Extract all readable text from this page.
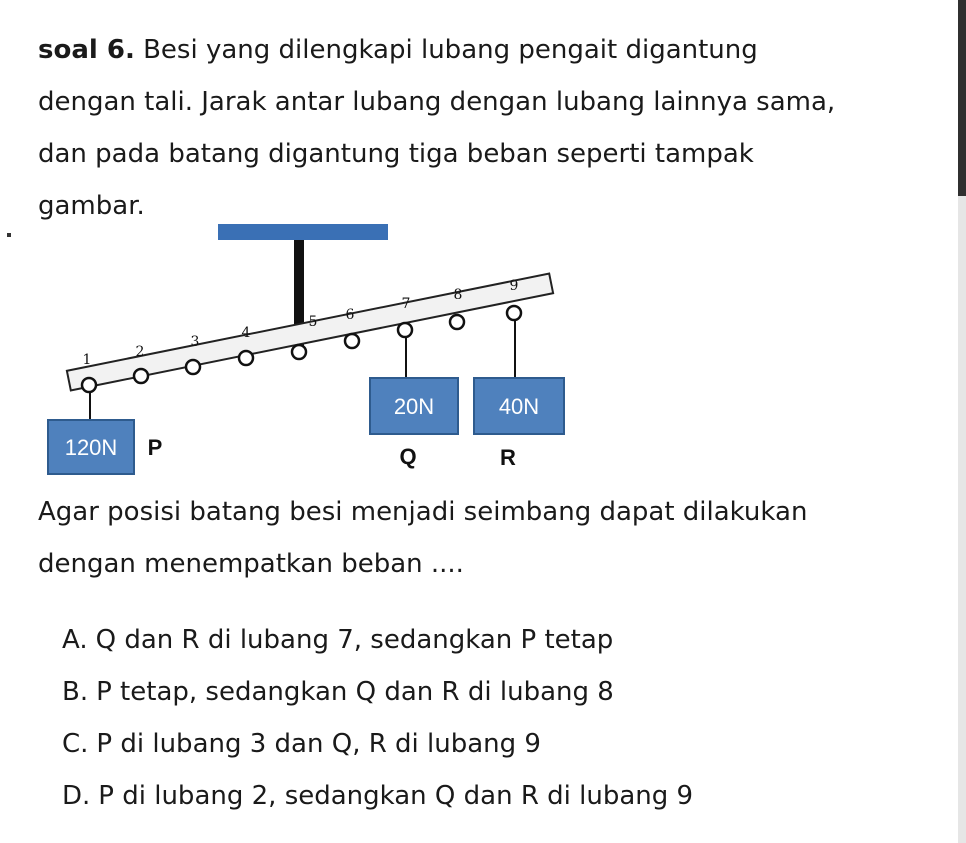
soal 6. Besi yang dilengkapi lubang pengait digantung
dengan tali. Jarak antar lubang dengan lubang lainnya sama,
dan pada batang digantung tiga beban seperti tampak
gambar.

1	2
3
4
5 6
7
8
9
120N
20N	40N
P	Q	R

Agar posisi batang besi menjadi seimbang dapat dilakukan
dengan menempatkan beban ....

A. Q dan R di lubang 7, sedangkan P tetap
B. P tetap, sedangkan Q dan R di lubang 8
C. P di lubang 3 dan Q, R di lubang 9
D. P di lubang 2, sedangkan Q dan R di lubang 9
